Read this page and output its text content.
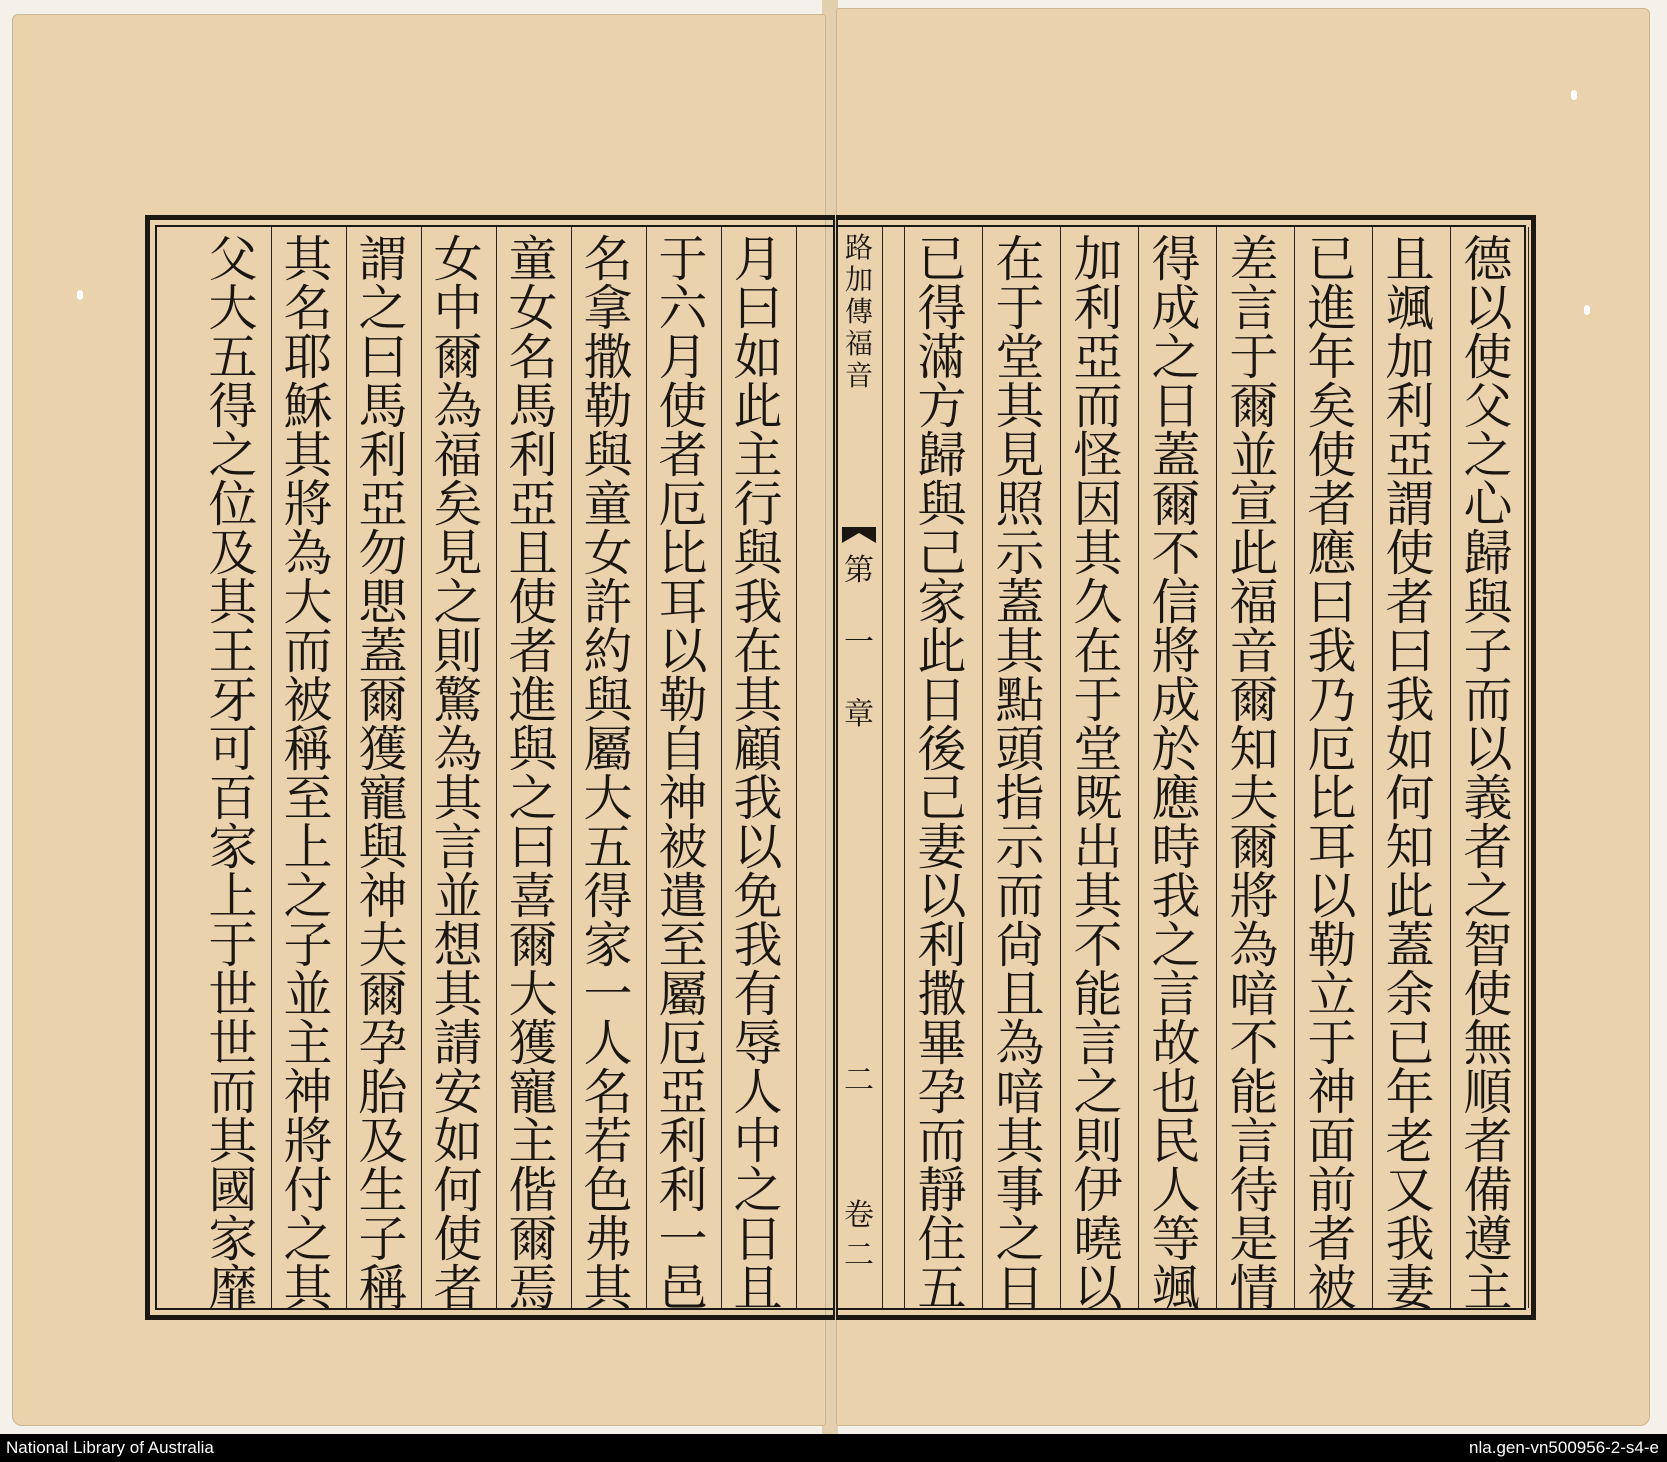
德
以
使
父
之
心
歸
與
子
而
以
義
者
之
智
使
無
順
者
備
遵
主
且
颯
加
利
亞
謂
使
者
曰
我
如
何
知
此
蓋
余
已
年
老
又
我
妻
已
進
年
矣
使
者
應
曰
我
乃
厄
比
耳
以
勒
立
于
神
面
前
者
被
差
言
于
爾
並
宣
此
福
音
爾
知
夫
爾
將
為
喑
不
能
言
待
是
情
得
成
之
日
蓋
爾
不
信
將
成
於
應
時
我
之
言
故
也
民
人
等
颯
加
利
亞
而
怪
因
其
久
在
于
堂
既
出
其
不
能
言
之
則
伊
曉
以
在
于
堂
其
見
照
示
蓋
其
點
頭
指
示
而
尙
且
為
喑
其
事
之
日
已
得
滿
方
歸
與
己
家
此
日
後
己
妻
以
利
撒
畢
孕
而
靜
住
五
月
曰
如
此
主
行
與
我
在
其
顧
我
以
免
我
有
辱
人
中
之
日
且
于
六
月
使
者
厄
比
耳
以
勒
自
神
被
遣
至
屬
厄
亞
利
利
一
邑
名
拿
撒
勒
與
童
女
許
約
與
屬
大
五
得
家
一
人
名
若
色
弗
其
童
女
名
馬
利
亞
且
使
者
進
與
之
曰
喜
爾
大
獲
寵
主
偕
爾
焉
女
中
爾
為
福
矣
見
之
則
驚
為
其
言
並
想
其
請
安
如
何
使
者
謂
之
曰
馬
利
亞
勿
愳
蓋
爾
獲
寵
與
神
夫
爾
孕
胎
及
生
子
稱
其
名
耶
穌
其
將
為
大
而
被
稱
至
上
之
子
並
主
神
將
付
之
其
父
大
五
得
之
位
及
其
王
牙
可
百
家
上
于
世
世
而
其
國
家
靡
路
加
傳
福
音
第
一
章
二
卷
二
National Library of Australia	nla.gen-vn500956-2-s4-e
